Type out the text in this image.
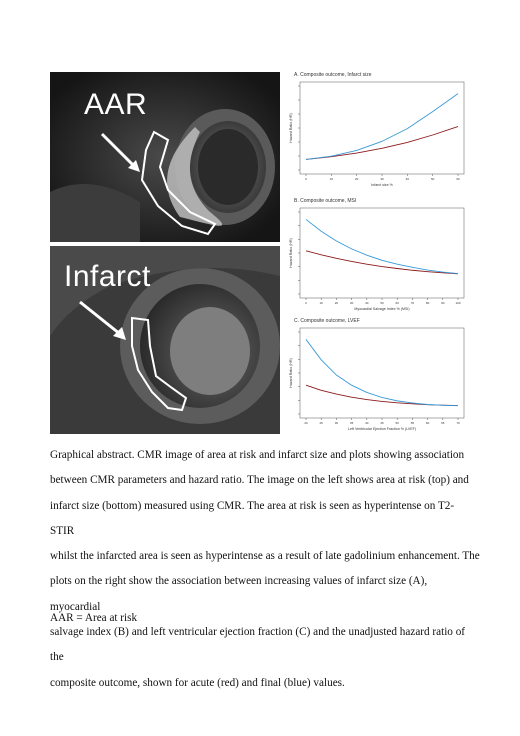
AAR
Infarct
A. Composite outcome, Infarct size
0	10	20	30	40	50	60
Infarct size %
Hazard Ratio (HR)
B. Composite outcome, MSI
0	10	20	30	40	50	60	70	80	90	100
Myocardial Salvage Index % (MSI)
Hazard Ratio (HR)
C. Composite outcome, LVEF
20	25	30	35	40	45	50	55	60	65	70
Left Ventricular Ejection Fraction % (LVEF)
Hazard Ratio (HR)

Graphical abstract. CMR image of area at risk and infarct size and plots showing association

between CMR parameters and hazard ratio. The image on the left shows area at risk (top) and

infarct size (bottom) measured using CMR. The area at risk is seen as hyperintense on T2- STIR

whilst the infarcted area is seen as hyperintense as a result of late gadolinium enhancement. The

plots on the right show the association between increasing values of infarct size (A), myocardial

salvage index (B) and left ventricular ejection fraction (C) and the unadjusted hazard ratio of the

composite outcome, shown for acute (red) and final (blue) values.

AAR = Area at risk
